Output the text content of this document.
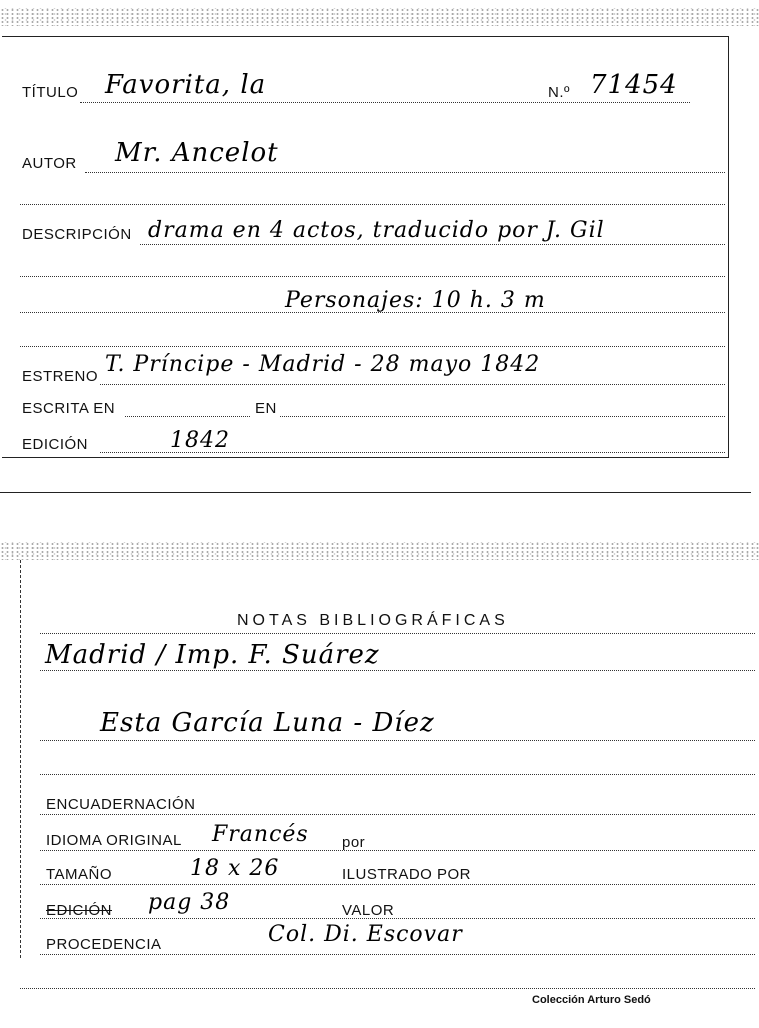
TÍTULO Favorita, la	N.º 71454
AUTOR Mr. Ancelot
DESCRIPCIÓN drama en 4 actos, traducido por J. Gil
Personajes: 10 h. 3 m
ESTRENO T. Príncipe - Madrid - 28 mayo 1842
ESCRITA EN	EN
EDICIÓN	1842
NOTAS BIBLIOGRÁFICAS
Madrid / Imp. F. Suárez
Esta García Luna - Díez
ENCUADERNACIÓN
IDIOMA ORIGINAL Francés por
TAMAÑO	18 x 26	ILUSTRADO POR
EDICIÓN pag 38	VALOR
PROCEDENCIA	Col. Di. Escovar
Colección Arturo Sedó
